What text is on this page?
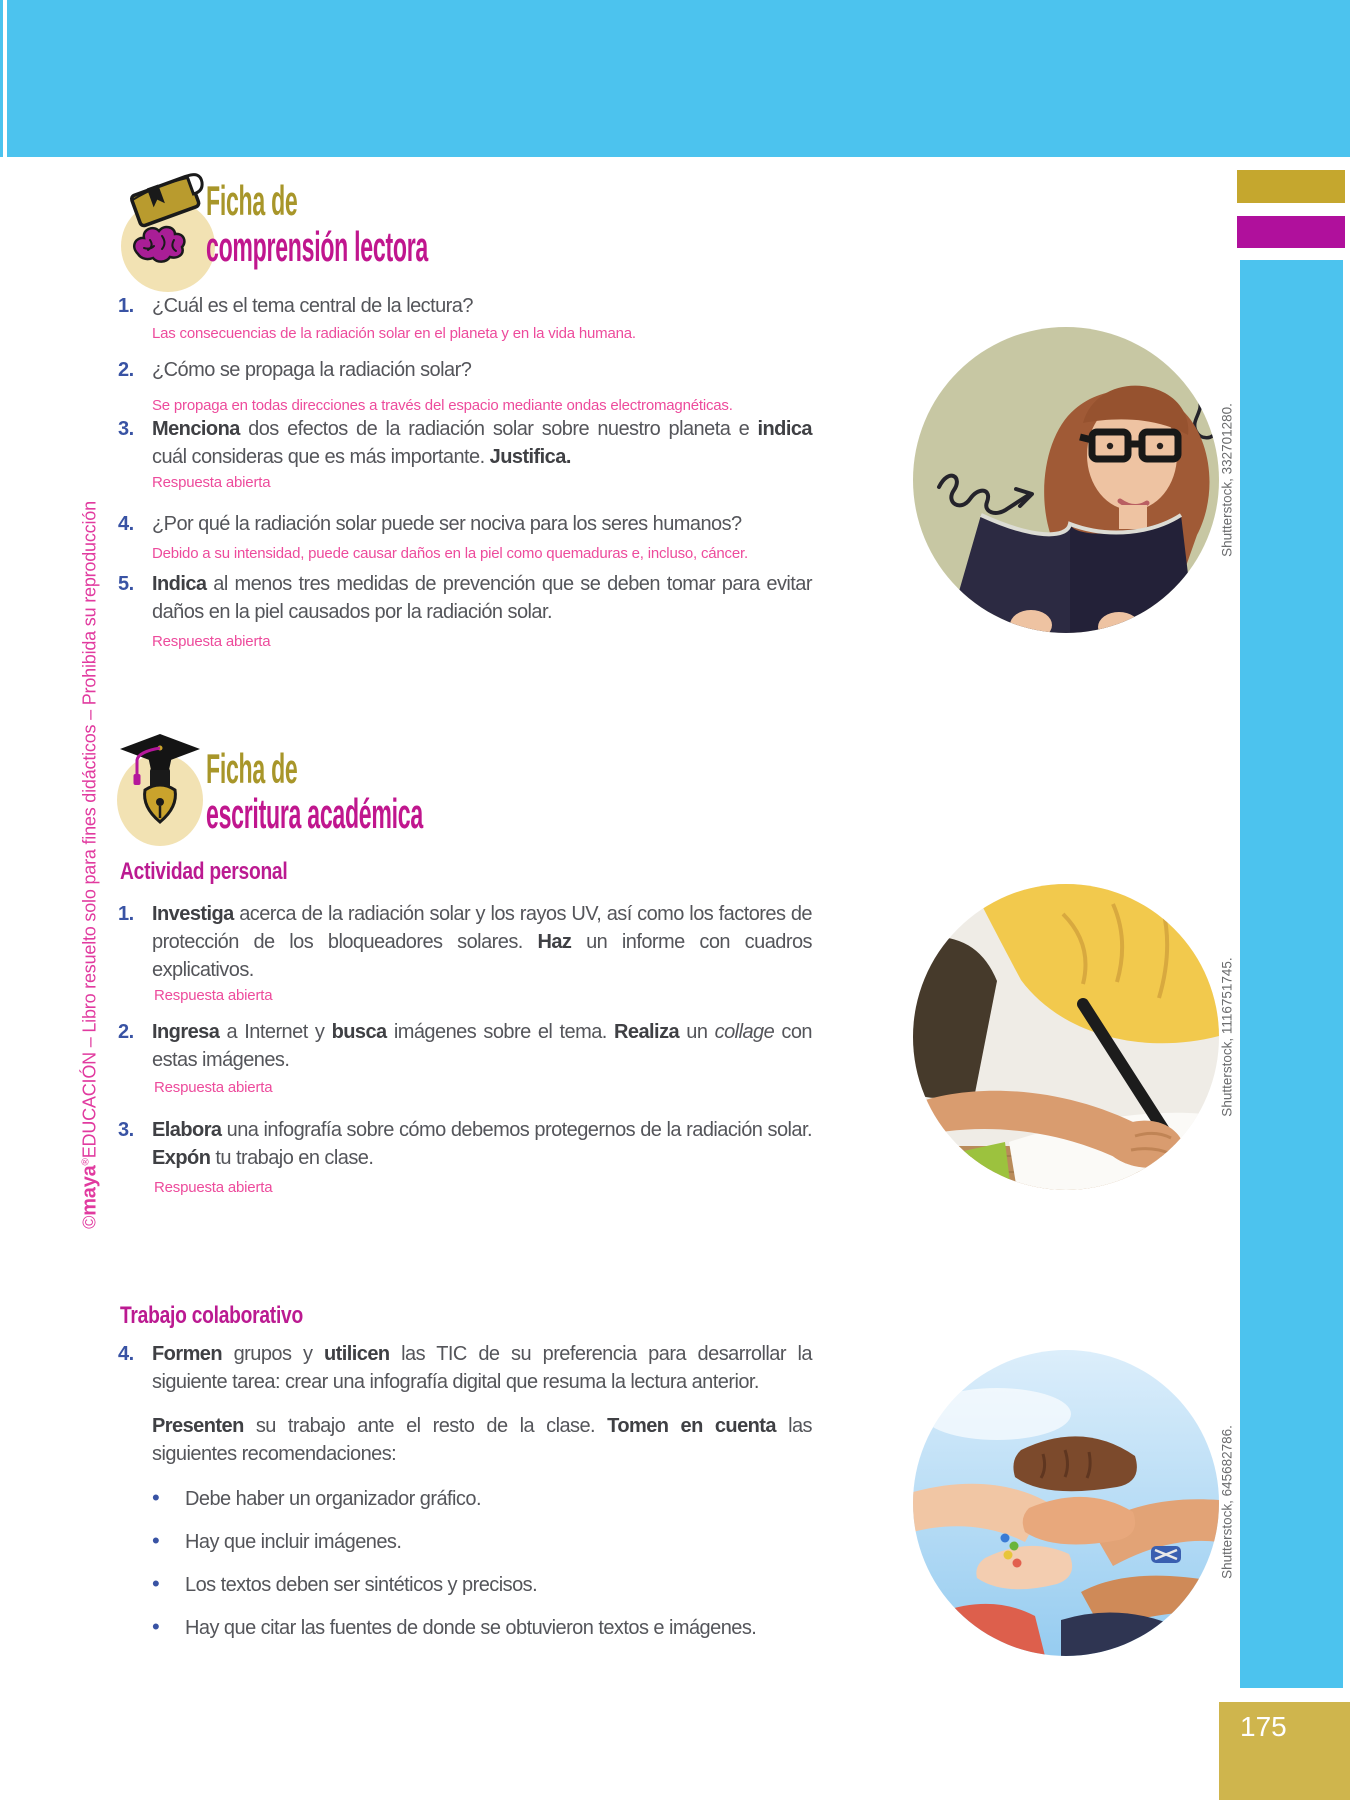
©maya®EDUCACIÓN – Libro resuelto solo para fines didácticos – Prohibida su reproducción
Ficha de
comprensión lectora
1. ¿Cuál es el tema central de la lectura?
Las consecuencias de la radiación solar en el planeta y en la vida humana.
2. ¿Cómo se propaga la radiación solar?
Se propaga en todas direcciones a través del espacio mediante ondas electromagnéticas.
3. Menciona dos efectos de la radiación solar sobre nuestro planeta e indica cuál consideras que es más importante. Justifica.
Respuesta abierta
4. ¿Por qué la radiación solar puede ser nociva para los seres humanos?
Debido a su intensidad, puede causar daños en la piel como quemaduras e, incluso, cáncer.
5. Indica al menos tres medidas de prevención que se deben tomar para evitar daños en la piel causados por la radiación solar.
Respuesta abierta
Ficha de
escritura académica
Actividad personal
1. Investiga acerca de la radiación solar y los rayos UV, así como los factores de protección de los bloqueadores solares. Haz un informe con cuadros explicativos.
Respuesta abierta
2. Ingresa a Internet y busca imágenes sobre el tema. Realiza un collage con estas imágenes.
Respuesta abierta
3. Elabora una infografía sobre cómo debemos protegernos de la radiación solar. Expón tu trabajo en clase.
Respuesta abierta
Trabajo colaborativo
4. Formen grupos y utilicen las TIC de su preferencia para desarrollar la siguiente tarea: crear una infografía digital que resuma la lectura anterior.
Presenten su trabajo ante el resto de la clase. Tomen en cuenta las siguientes recomendaciones:
• Debe haber un organizador gráfico.
• Hay que incluir imágenes.
• Los textos deben ser sintéticos y precisos.
• Hay que citar las fuentes de donde se obtuvieron textos e imágenes.
Shutterstock, 332701280.
Shutterstock, 1116751745.
Shutterstock, 645682786.
175
